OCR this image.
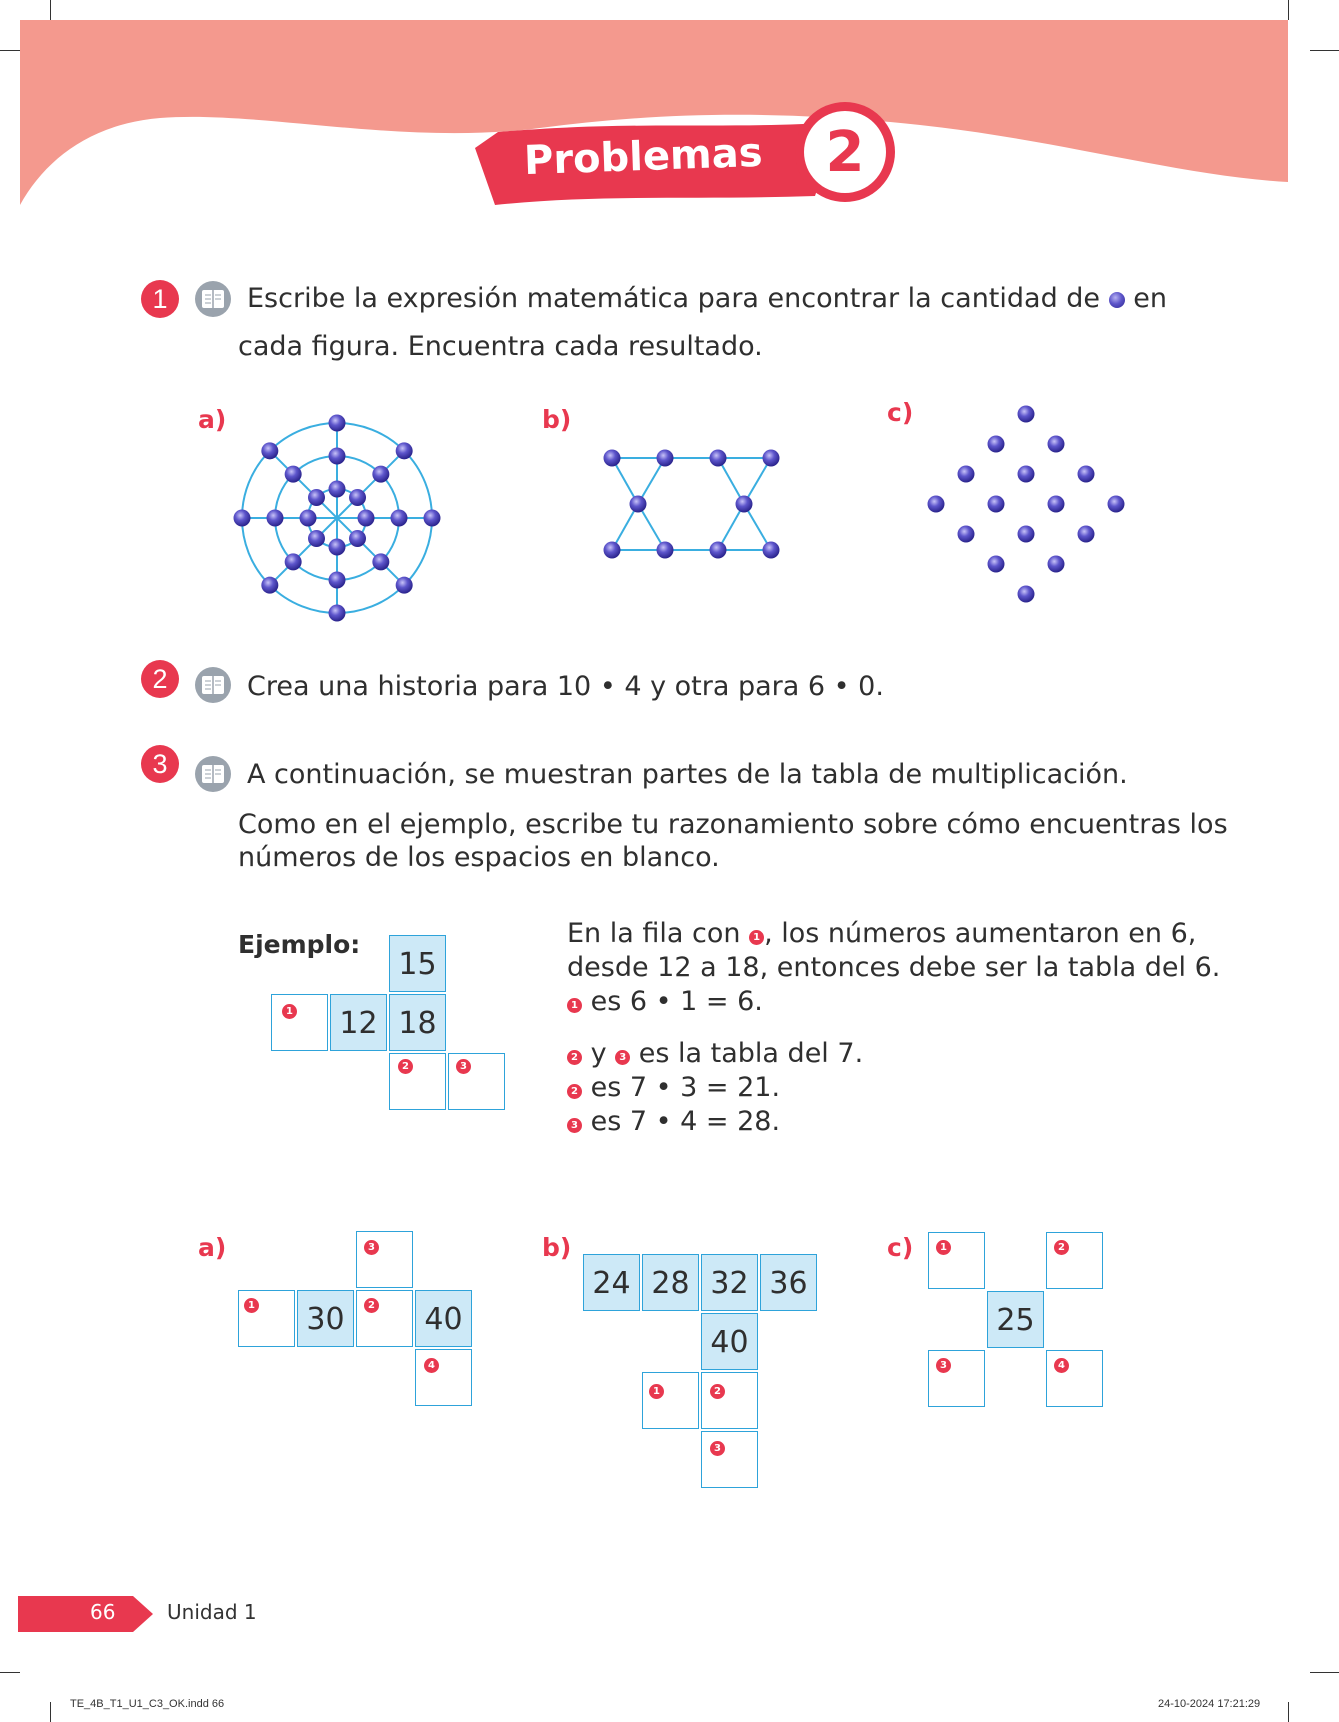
Problemas 2
1	Escribe la expresión matemática para encontrar la cantidad de en
cada figura. Encuentra cada resultado.
a)	b)	c)
2	Crea una historia para 10 • 4 y otra para 6 • 0.
3	A continuación, se muestran partes de la tabla de multiplicación.
Como en el ejemplo, escribe tu razonamiento sobre cómo encuentras los
números de los espacios en blanco.
Ejemplo:
15
1	12 18
2	3
En la fila con 1 , los números aumentaron en 6,
desde 12 a 18, entonces debe ser la tabla del 6.
1 es 6 • 1 = 6.
2 y 3 es la tabla del 7.
2 es 7 • 3 = 21.
3 es 7 • 4 = 28.
a)	b)	c)
3
1	30	2	40
4
24 28 32 36
40
1	2
3
1	2
25
3	4
66	Unidad 1
TE_4B_T1_U1_C3_OK.indd 66	24-10-2024 17:21:29
